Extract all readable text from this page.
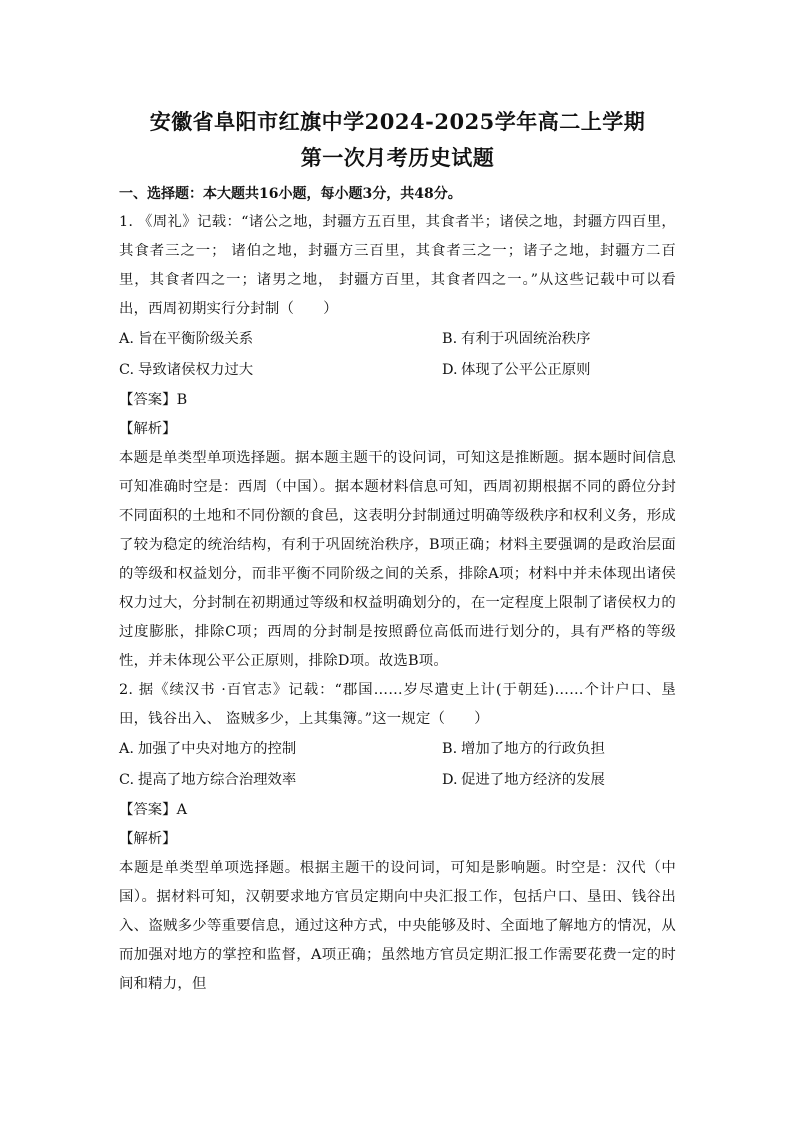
安徽省阜阳市红旗中学2024-2025学年高二上学期
第一次月考历史试题
一、选择题：本大题共16小题，每小题3分，共48分。

1. 《周礼》记载：“诸公之地，封疆方五百里，其食者半；诸侯之地，封疆方四百里，其食者三之一； 诸伯之地，封疆方三百里，其食者三之一；诸子之地，封疆方二百里，其食者四之一；诸男之地， 封疆方百里，其食者四之一。”从这些记载中可以看出，西周初期实行分封制（　　）

A. 旨在平衡阶级关系	B. 有利于巩固统治秩序
C. 导致诸侯权力过大	D. 体现了公平公正原则
【答案】B
【解析】

本题是单类型单项选择题。据本题主题干的设问词，可知这是推断题。据本题时间信息可知准确时空是：西周（中国）。据本题材料信息可知，西周初期根据不同的爵位分封不同面积的土地和不同份额的食邑，这表明分封制通过明确等级秩序和权利义务，形成了较为稳定的统治结构，有利于巩固统治秩序，B项正确；材料主要强调的是政治层面的等级和权益划分，而非平衡不同阶级之间的关系，排除A项；材料中并未体现出诸侯权力过大，分封制在初期通过等级和权益明确划分的，在一定程度上限制了诸侯权力的过度膨胀，排除C项；西周的分封制是按照爵位高低而进行划分的，具有严格的等级性，并未体现公平公正原则，排除D项。故选B项。

2. 据《续汉书 ·百官志》记载：“郡国……岁尽遣吏上计(于朝廷)……个计户口、垦田，钱谷出入、 盗贼多少，上其集簿。”这一规定（　　）

A. 加强了中央对地方的控制	B. 增加了地方的行政负担
C. 提高了地方综合治理效率	D. 促进了地方经济的发展
【答案】A
【解析】

本题是单类型单项选择题。根据主题干的设问词，可知是影响题。时空是：汉代（中国）。据材料可知，汉朝要求地方官员定期向中央汇报工作，包括户口、垦田、钱谷出入、盗贼多少等重要信息，通过这种方式，中央能够及时、全面地了解地方的情况，从而加强对地方的掌控和监督，A项正确；虽然地方官员定期汇报工作需要花费一定的时间和精力，但
